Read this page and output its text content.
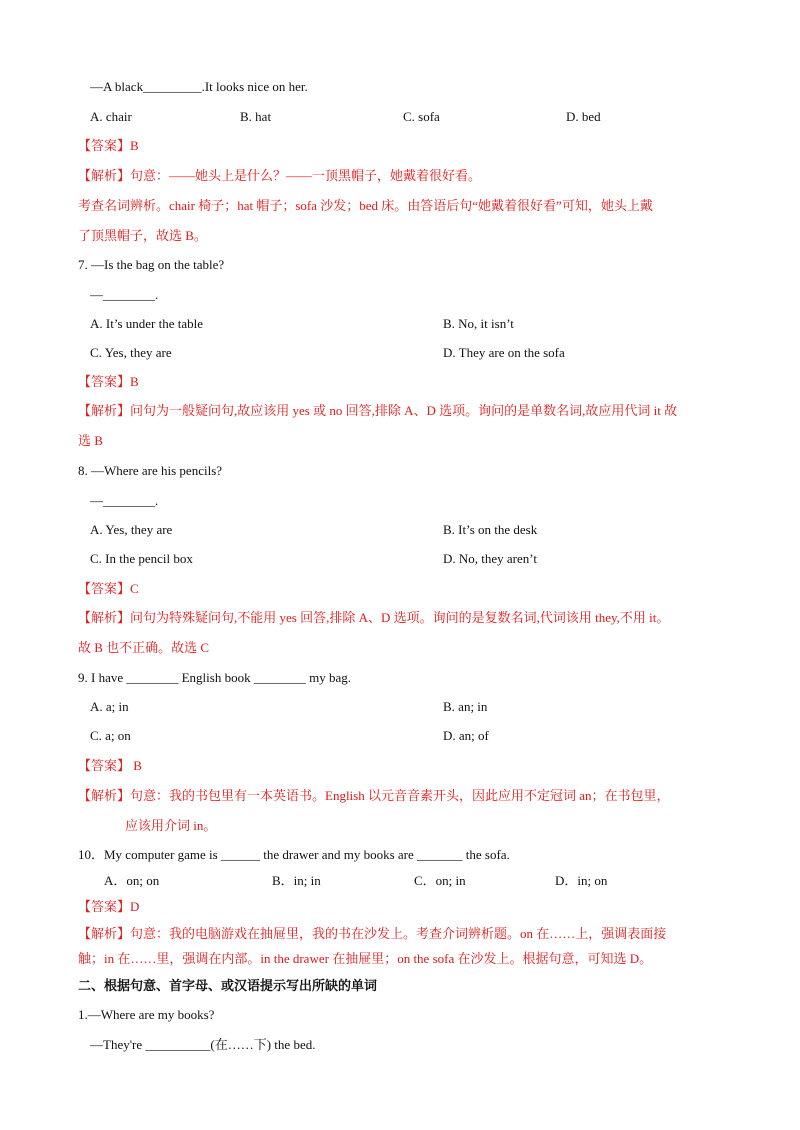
—A black_________.It looks nice on her.
A. chair	B. hat	C. sofa	D. bed
【答案】B
【解析】句意：——她头上是什么？——一顶黑帽子，她戴着很好看。
考查名词辨析。chair 椅子；hat 帽子；sofa 沙发；bed 床。由答语后句“她戴着很好看”可知，她头上戴
了顶黑帽子，故选 B。
7. —Is the bag on the table?
—________.
A. It’s under the table	B. No, it isn’t
C. Yes, they are	D. They are on the sofa
【答案】B
【解析】问句为一般疑问句,故应该用 yes 或 no 回答,排除 A、D 选项。询问的是单数名词,故应用代词 it 故
选 B
8. —Where are his pencils?
—________.
A. Yes, they are	B. It’s on the desk
C. In the pencil box	D. No, they aren’t
【答案】C
【解析】问句为特殊疑问句,不能用 yes 回答,排除 A、D 选项。询问的是复数名词,代词该用 they,不用 it。
故 B 也不正确。故选 C
9. I have ________ English book ________ my bag.
A. a; in	B. an; in
C. a; on	D. an; of
【答案】 B
【解析】句意：我的书包里有一本英语书。English 以元音音素开头，因此应用不定冠词 an；在书包里，
应该用介词 in。
10．My computer game is ______ the drawer and my books are _______ the sofa.
A．on; on	B．in; in	C．on; in	D．in; on
【答案】D
【解析】句意：我的电脑游戏在抽屉里，我的书在沙发上。考查介词辨析题。on 在……上，强调表面接
触；in 在……里，强调在内部。in the drawer 在抽屉里；on the sofa 在沙发上。根据句意，可知选 D。
二、根据句意、首字母、或汉语提示写出所缺的单词
1.—Where are my books?
—They're __________(在……下) the bed.
